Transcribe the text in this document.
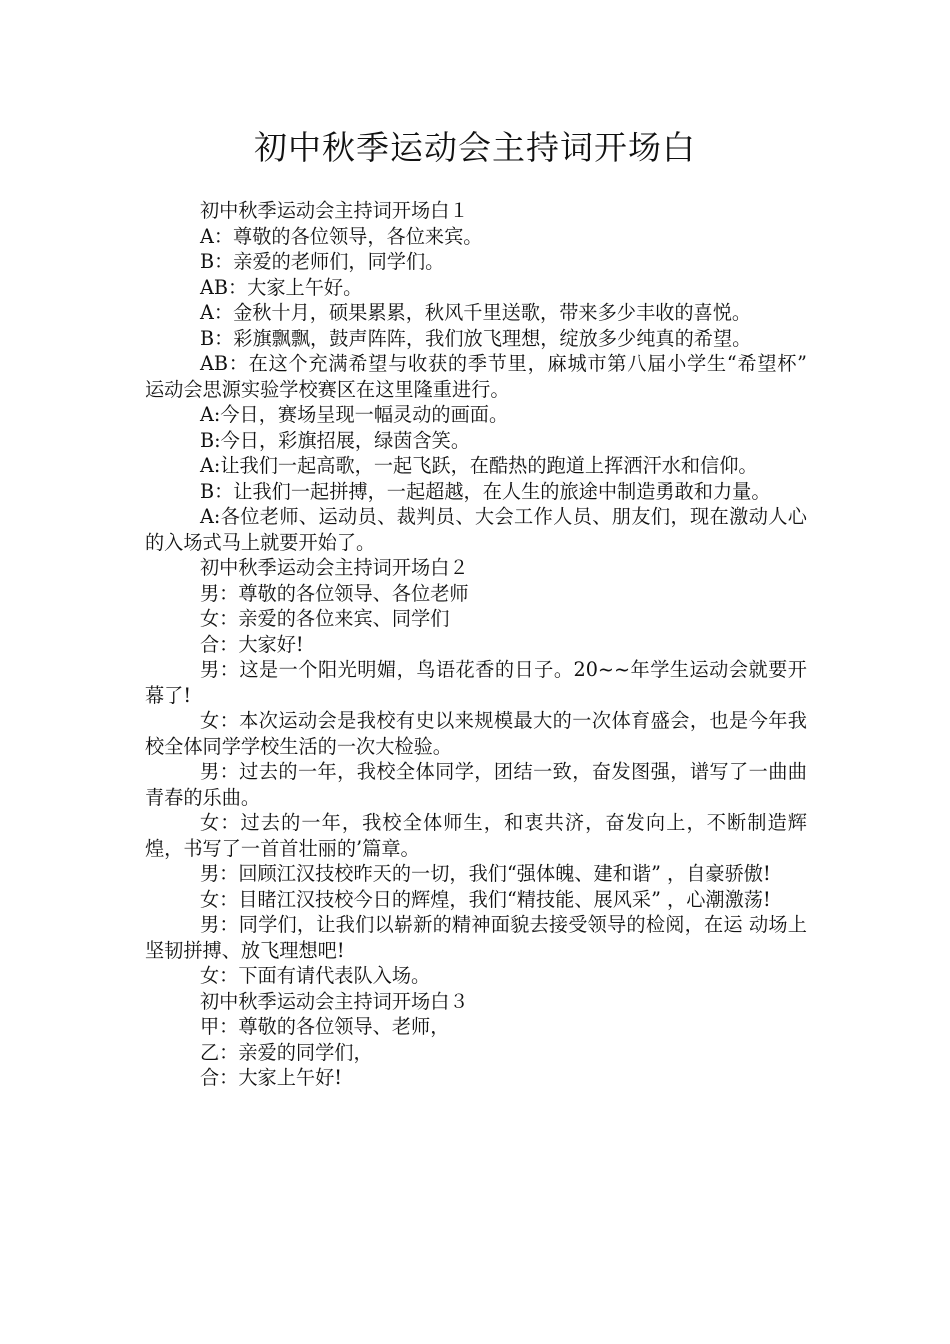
初中秋季运动会主持词开场白

初中秋季运动会主持词开场白１

A：尊敬的各位领导，各位来宾。

B：亲爱的老师们，同学们。

AB：大家上午好。

A：金秋十月，硕果累累，秋风千里送歌，带来多少丰收的喜悦。

B：彩旗飘飘，鼓声阵阵，我们放飞理想，绽放多少纯真的希望。

AB：在这个充满希望与收获的季节里，麻城市第八届小学生“希望杯” 运动会思源实验学校赛区在这里隆重进行。

A:今日，赛场呈现一幅灵动的画面。

B:今日，彩旗招展，绿茵含笑。

A:让我们一起高歌，一起飞跃，在酷热的跑道上挥洒汗水和信仰。

B：让我们一起拼搏，一起超越，在人生的旅途中制造勇敢和力量。

A:各位老师、运动员、裁判员、大会工作人员、朋友们，现在激动人心的入场式马上就要开始了。

初中秋季运动会主持词开场白２

男：尊敬的各位领导、各位老师

女：亲爱的各位来宾、同学们

合：大家好!

男：这是一个阳光明媚，鸟语花香的日子。20~~年学生运动会就要开幕了!

女：本次运动会是我校有史以来规模最大的一次体育盛会，也是今年我校全体同学学校生活的一次大检验。

男：过去的一年，我校全体同学，团结一致，奋发图强，谱写了一曲曲青春的乐曲。

女：过去的一年，我校全体师生，和衷共济，奋发向上，不断制造辉煌，书写了一首首壮丽的’篇章。

男：回顾江汉技校昨天的一切，我们“强体魄、建和谐” ，自豪骄傲!

女：目睹江汉技校今日的辉煌，我们“精技能、展风采” ，心潮激荡!

男：同学们，让我们以崭新的精神面貌去接受领导的检阅，在运 动场上坚韧拼搏、放飞理想吧!

女：下面有请代表队入场。

初中秋季运动会主持词开场白３

甲：尊敬的各位领导、老师，

乙：亲爱的同学们，

合：大家上午好!
